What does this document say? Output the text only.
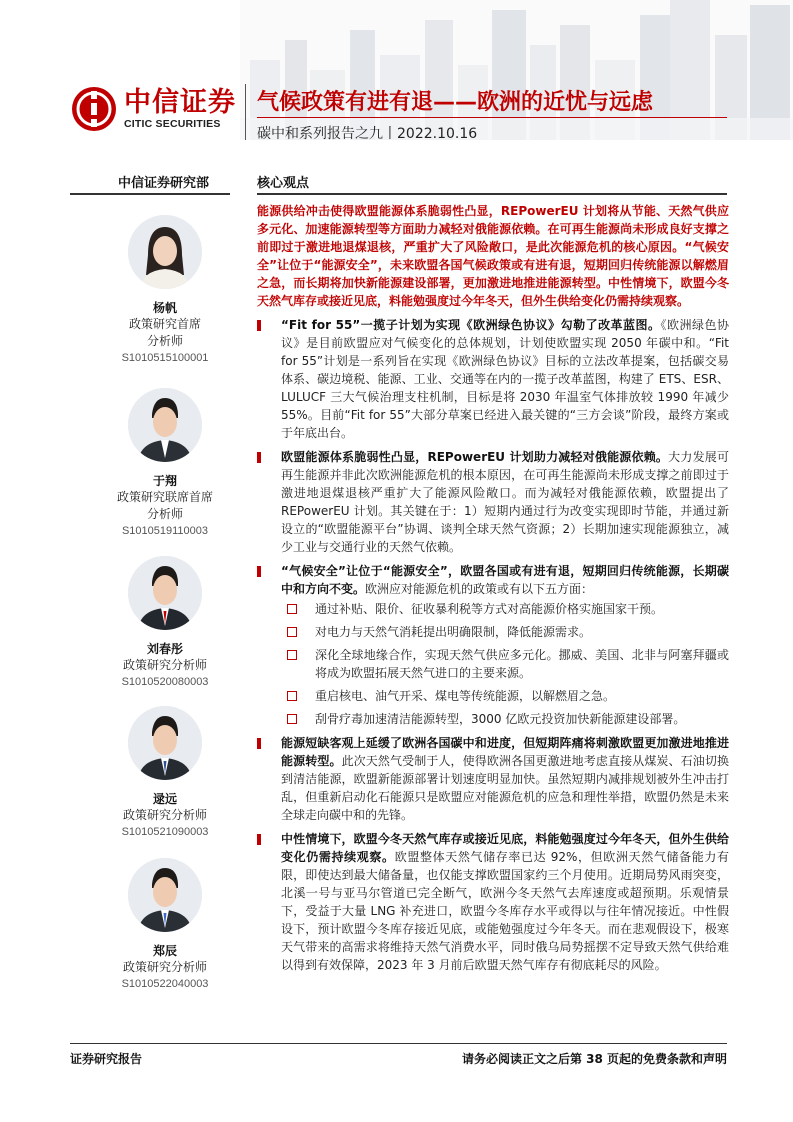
中信证券
CITIC SECURITIES
气候政策有进有退——欧洲的近忧与远虑
碳中和系列报告之九丨2022.10.16
中信证券研究部	核心观点
杨帆
政策研究首席
分析师
S1010515100001
于翔
政策研究联席首席
分析师
S1010519110003
刘春彤
政策研究分析师
S1010520080003
逯远
政策研究分析师
S1010521090003
郑辰
政策研究分析师
S1010522040003
能源供给冲击使得欧盟能源体系脆弱性凸显，REPowerEU 计划将从节能、天然气供应多元化、加速能源转型等方面助力减轻对俄能源依赖。在可再生能源尚未形成良好支撑之前即过于激进地退煤退核，严重扩大了风险敞口，是此次能源危机的核心原因。“气候安全”让位于“能源安全”，未来欧盟各国气候政策或有进有退，短期回归传统能源以解燃眉之急，而长期将加快新能源建设部署，更加激进地推进能源转型。中性情境下，欧盟今冬天然气库存或接近见底，料能勉强度过今年冬天，但外生供给变化仍需持续观察。
“Fit for 55”一揽子计划为实现《欧洲绿色协议》勾勒了改革蓝图。《欧洲绿色协议》是目前欧盟应对气候变化的总体规划，计划使欧盟实现 2050 年碳中和。“Fit for 55”计划是一系列旨在实现《欧洲绿色协议》目标的立法改革提案，包括碳交易体系、碳边境税、能源、工业、交通等在内的一揽子改革蓝图，构建了 ETS、ESR、LULUCF 三大气候治理支柱机制，目标是将 2030 年温室气体排放较 1990 年减少 55%。目前“Fit for 55”大部分草案已经进入最关键的“三方会谈”阶段，最终方案或于年底出台。
欧盟能源体系脆弱性凸显，REPowerEU 计划助力减轻对俄能源依赖。大力发展可再生能源并非此次欧洲能源危机的根本原因，在可再生能源尚未形成支撑之前即过于激进地退煤退核严重扩大了能源风险敞口。而为减轻对俄能源依赖，欧盟提出了 REPowerEU 计划。其关键在于：1）短期内通过行为改变实现即时节能，并通过新设立的“欧盟能源平台”协调、谈判全球天然气资源；2）长期加速实现能源独立，减少工业与交通行业的天然气依赖。
“气候安全”让位于“能源安全”，欧盟各国或有进有退，短期回归传统能源，长期碳中和方向不变。欧洲应对能源危机的政策或有以下五方面：
通过补贴、限价、征收暴利税等方式对高能源价格实施国家干预。
对电力与天然气消耗提出明确限制，降低能源需求。
深化全球地缘合作，实现天然气供应多元化。挪威、美国、北非与阿塞拜疆或将成为欧盟拓展天然气进口的主要来源。
重启核电、油气开采、煤电等传统能源，以解燃眉之急。
刮骨疗毒加速清洁能源转型，3000 亿欧元投资加快新能源建设部署。
能源短缺客观上延缓了欧洲各国碳中和进度，但短期阵痛将刺激欧盟更加激进地推进能源转型。此次天然气受制于人，使得欧洲各国更激进地考虑直接从煤炭、石油切换到清洁能源，欧盟新能源部署计划速度明显加快。虽然短期内减排规划被外生冲击打乱，但重新启动化石能源只是欧盟应对能源危机的应急和理性举措，欧盟仍然是未来全球走向碳中和的先锋。
中性情境下，欧盟今冬天然气库存或接近见底，料能勉强度过今年冬天，但外生供给变化仍需持续观察。欧盟整体天然气储存率已达 92%，但欧洲天然气储备能力有限，即使达到最大储备量，也仅能支撑欧盟国家约三个月使用。近期局势风雨突变，北溪一号与亚马尔管道已完全断气，欧洲今冬天然气去库速度或超预期。乐观情景下，受益于大量 LNG 补充进口，欧盟今冬库存水平或得以与往年情况接近。中性假设下，预计欧盟今冬库存接近见底，或能勉强度过今年冬天。而在悲观假设下，极寒天气带来的高需求将维持天然气消费水平，同时俄乌局势摇摆不定导致天然气供给难以得到有效保障，2023 年 3 月前后欧盟天然气库存有彻底耗尽的风险。
证券研究报告	请务必阅读正文之后第 38 页起的免费条款和声明
